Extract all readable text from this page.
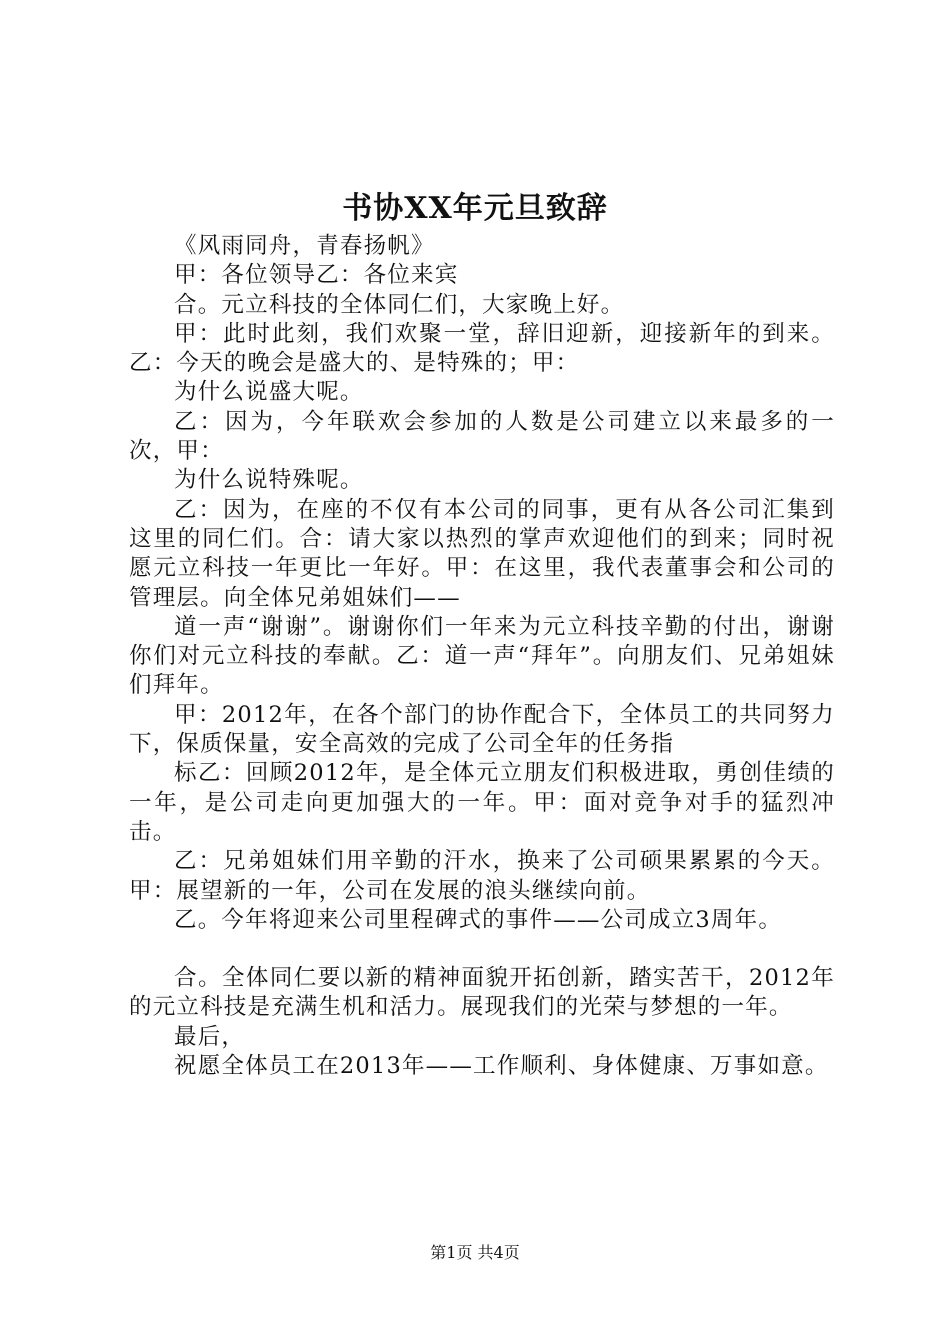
书协XX年元旦致辞

《风雨同舟，青春扬帆》

甲：各位领导乙：各位来宾

合。元立科技的全体同仁们，大家晚上好。

甲：此时此刻，我们欢聚一堂，辞旧迎新，迎接新年的到来。乙：今天的晚会是盛大的、是特殊的；甲：

为什么说盛大呢。

乙：因为，今年联欢会参加的人数是公司建立以来最多的一次，甲：

为什么说特殊呢。

乙：因为，在座的不仅有本公司的同事，更有从各公司汇集到这里的同仁们。合：请大家以热烈的掌声欢迎他们的到来；同时祝愿元立科技一年更比一年好。甲：在这里，我代表董事会和公司的管理层。向全体兄弟姐妹们——

道一声“谢谢”。谢谢你们一年来为元立科技辛勤的付出，谢谢你们对元立科技的奉献。乙：道一声“拜年”。向朋友们、兄弟姐妹们拜年。

甲：2012年，在各个部门的协作配合下，全体员工的共同努力下，保质保量，安全高效的完成了公司全年的任务指

标乙：回顾2012年，是全体元立朋友们积极进取，勇创佳绩的一年，是公司走向更加强大的一年。甲：面对竞争对手的猛烈冲击。

乙：兄弟姐妹们用辛勤的汗水，换来了公司硕果累累的今天。甲：展望新的一年，公司在发展的浪头继续向前。

乙。今年将迎来公司里程碑式的事件——公司成立3周年。

合。全体同仁要以新的精神面貌开拓创新，踏实苦干，2012年的元立科技是充满生机和活力。展现我们的光荣与梦想的一年。

最后，

祝愿全体员工在2013年——工作顺利、身体健康、万事如意。

第1页 共4页
